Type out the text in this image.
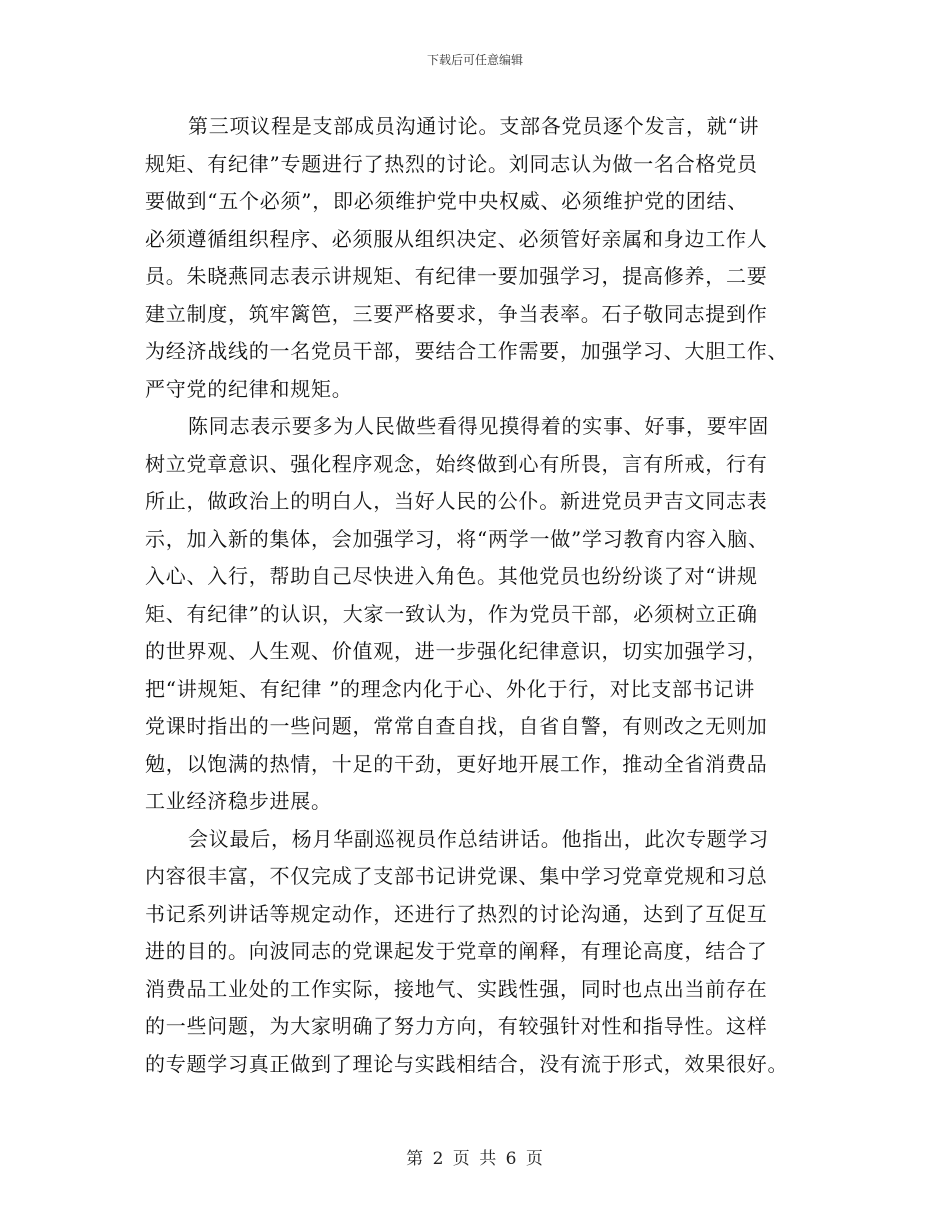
下载后可任意编辑

第三项议程是支部成员沟通讨论。支部各党员逐个发言，就“讲
规矩、有纪律”专题进行了热烈的讨论。刘同志认为做一名合格党员
要做到“五个必须”，即必须维护党中央权威、必须维护党的团结、
必须遵循组织程序、必须服从组织决定、必须管好亲属和身边工作人
员。朱晓燕同志表示讲规矩、有纪律一要加强学习，提高修养，二要
建立制度，筑牢篱笆，三要严格要求，争当表率。石子敬同志提到作
为经济战线的一名党员干部，要结合工作需要，加强学习、大胆工作、
严守党的纪律和规矩。

陈同志表示要多为人民做些看得见摸得着的实事、好事，要牢固
树立党章意识、强化程序观念，始终做到心有所畏，言有所戒，行有
所止，做政治上的明白人，当好人民的公仆。新进党员尹吉文同志表
示，加入新的集体，会加强学习，将“两学一做”学习教育内容入脑、
入心、入行，帮助自己尽快进入角色。其他党员也纷纷谈了对“讲规
矩、有纪律”的认识，大家一致认为，作为党员干部，必须树立正确
的世界观、人生观、价值观，进一步强化纪律意识，切实加强学习，
把“讲规矩、有纪律 ”的理念内化于心、外化于行，对比支部书记讲
党课时指出的一些问题，常常自查自找，自省自警，有则改之无则加
勉，以饱满的热情，十足的干劲，更好地开展工作，推动全省消费品
工业经济稳步进展。

会议最后，杨月华副巡视员作总结讲话。他指出，此次专题学习
内容很丰富，不仅完成了支部书记讲党课、集中学习党章党规和习总
书记系列讲话等规定动作，还进行了热烈的讨论沟通，达到了互促互
进的目的。向波同志的党课起发于党章的阐释，有理论高度，结合了
消费品工业处的工作实际，接地气、实践性强，同时也点出当前存在
的一些问题，为大家明确了努力方向，有较强针对性和指导性。这样
的专题学习真正做到了理论与实践相结合，没有流于形式，效果很好。

第 2 页 共 6 页
